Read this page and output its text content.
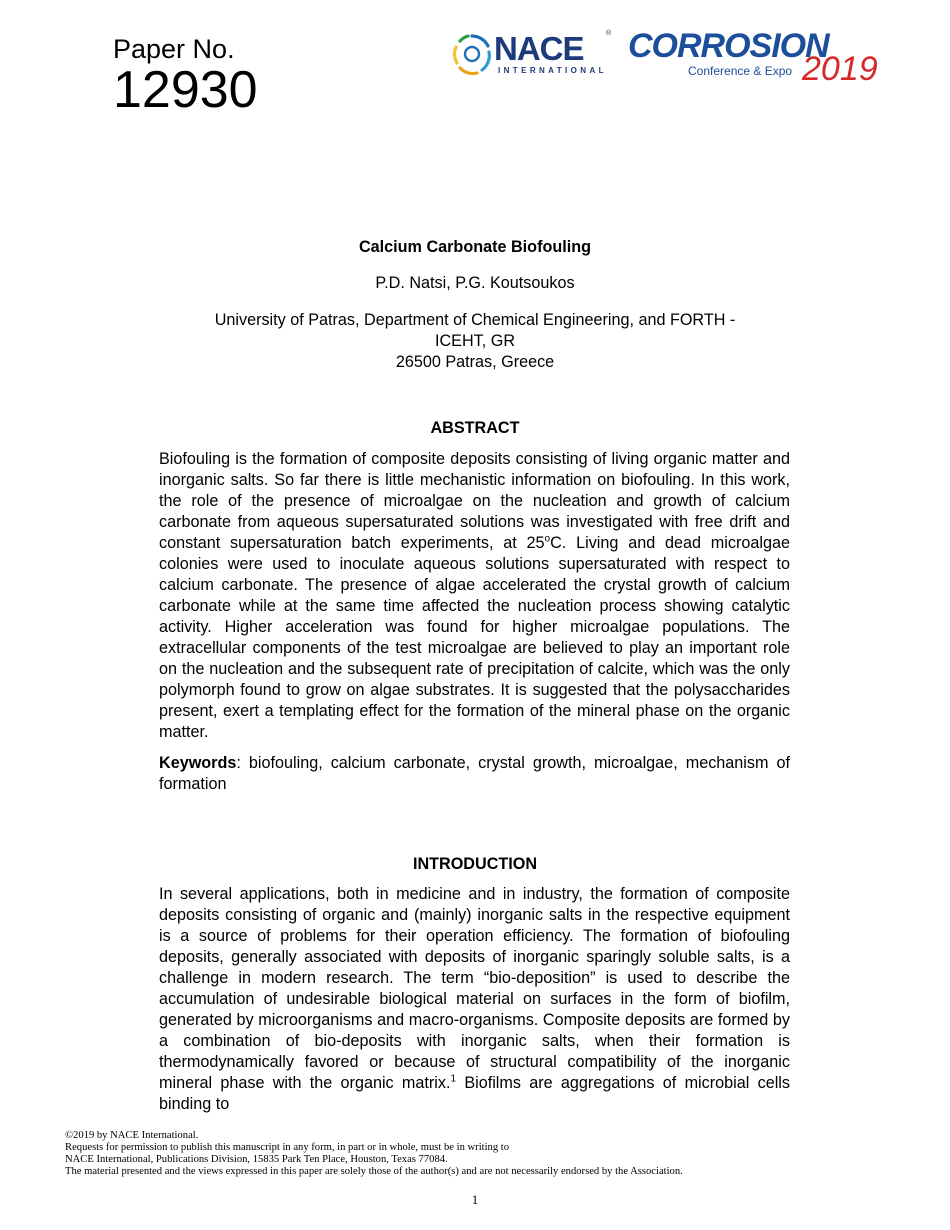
Paper No.
12930
NACE	®
INTERNATIONAL
CORROSION
Conference & Expo 2019
Calcium Carbonate Biofouling
P.D. Natsi, P.G. Koutsoukos
University of Patras, Department of Chemical Engineering, and FORTH -
ICEHT, GR
26500 Patras, Greece
ABSTRACT

Biofouling is the formation of composite deposits consisting of living organic matter and inorganic salts. So far there is little mechanistic information on biofouling. In this work, the role of the presence of microalgae on the nucleation and growth of calcium carbonate from aqueous supersaturated solutions was investigated with free drift and constant supersaturation batch experiments, at 25$^o$C. Living and dead microalgae colonies were used to inoculate aqueous solutions supersaturated with respect to calcium carbonate. The presence of algae accelerated the crystal growth of calcium carbonate while at the same time affected the nucleation process showing catalytic activity. Higher acceleration was found for higher microalgae populations. The extracellular components of the test microalgae are believed to play an important role on the nucleation and the subsequent rate of precipitation of calcite, which was the only polymorph found to grow on algae substrates. It is suggested that the polysaccharides present, exert a templating effect for the formation of the mineral phase on the organic matter.

Keywords: biofouling, calcium carbonate, crystal growth, microalgae, mechanism of formation

INTRODUCTION

In several applications, both in medicine and in industry, the formation of composite deposits consisting of organic and (mainly) inorganic salts in the respective equipment is a source of problems for their operation efficiency. The formation of biofouling deposits, generally associated with deposits of inorganic sparingly soluble salts, is a challenge in modern research. The term “bio-deposition” is used to describe the accumulation of undesirable biological material on surfaces in the form of biofilm, generated by microorganisms and macro-organisms. Composite deposits are formed by a combination of bio-deposits with inorganic salts, when their formation is thermodynamically favored or because of structural compatibility of the inorganic mineral phase with the organic matrix.$^1$ Biofilms are aggregations of microbial cells binding to

©2019 by NACE International.
Requests for permission to publish this manuscript in any form, in part or in whole, must be in writing to
NACE International, Publications Division, 15835 Park Ten Place, Houston, Texas 77084.
The material presented and the views expressed in this paper are solely those of the author(s) and are not necessarily endorsed by the Association.
1
